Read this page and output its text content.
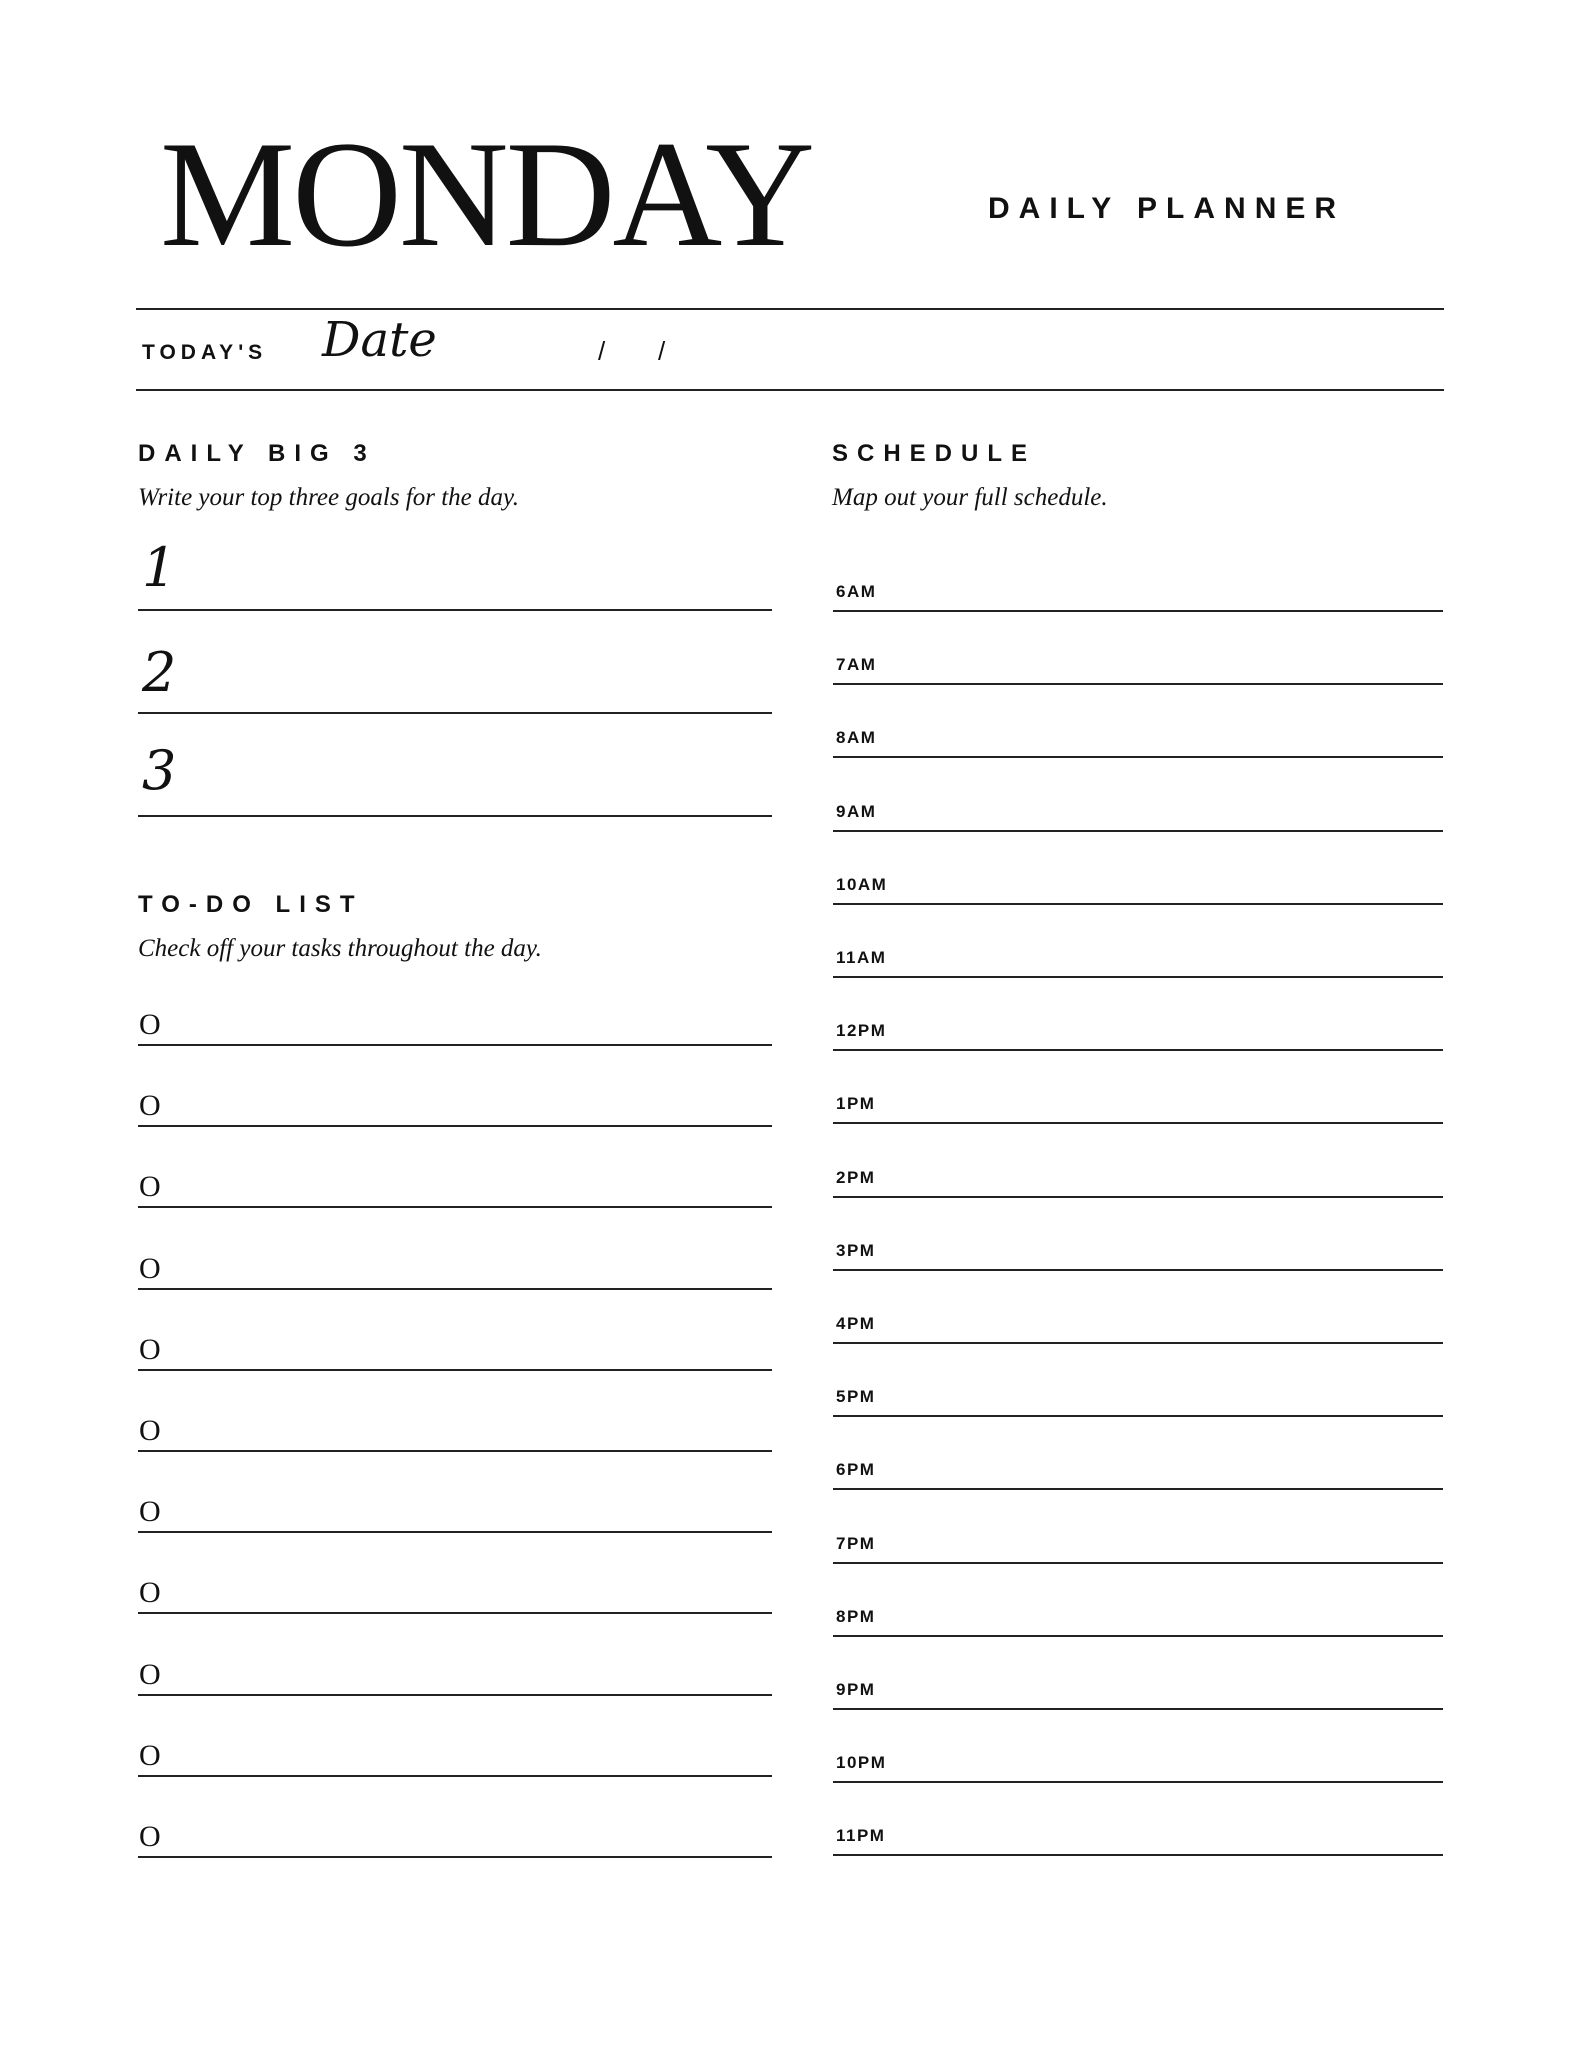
MONDAY	DAILY PLANNER
TODAY'S Date	/ /
DAILY BIG 3
Write your top three goals for the day.
1
2
3
TO-DO LIST
Check off your tasks throughout the day.
O
O
O
O
O
O
O
O
O
O
O
SCHEDULE
Map out your full schedule.
6AM
7AM
8AM
9AM
10AM
11AM
12PM
1PM
2PM
3PM
4PM
5PM
6PM
7PM
8PM
9PM
10PM
11PM
